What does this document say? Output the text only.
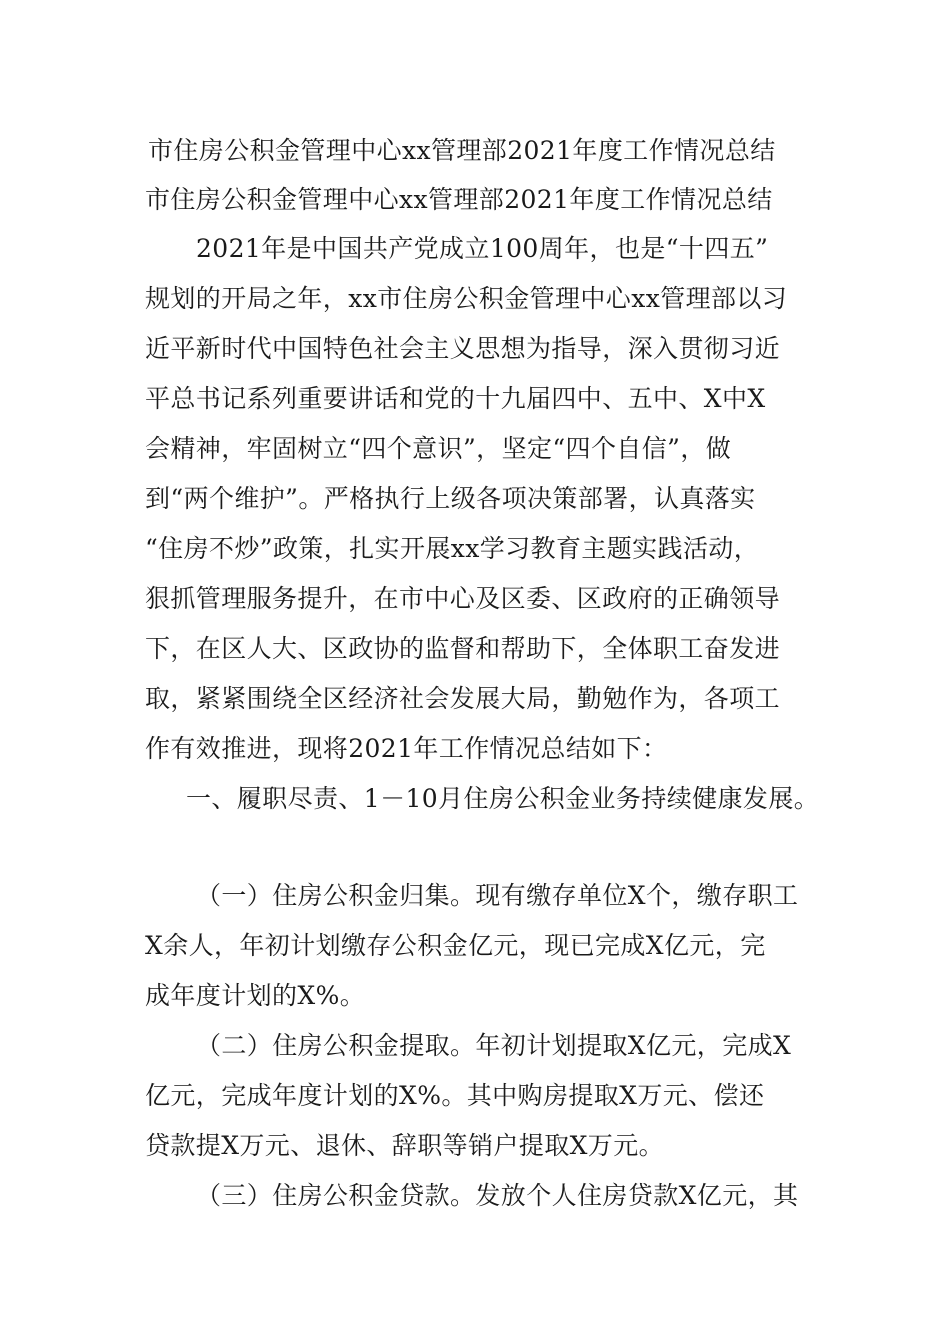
市住房公积金管理中心xx管理部2021年度工作情况总结
市住房公积金管理中心xx管理部2021年度工作情况总结
2021年是中国共产党成立100周年，也是“十四五”
规划的开局之年，xx市住房公积金管理中心xx管理部以习
近平新时代中国特色社会主义思想为指导，深入贯彻习近
平总书记系列重要讲话和党的十九届四中、五中、X中X
会精神，牢固树立“四个意识”，坚定“四个自信”，做
到“两个维护”。严格执行上级各项决策部署，认真落实
“住房不炒”政策，扎实开展xx学习教育主题实践活动，
狠抓管理服务提升，在市中心及区委、区政府的正确领导
下，在区人大、区政协的监督和帮助下，全体职工奋发进
取，紧紧围绕全区经济社会发展大局，勤勉作为，各项工
作有效推进，现将2021年工作情况总结如下：
一、履职尽责、1－10月住房公积金业务持续健康发展。
（一）住房公积金归集。现有缴存单位X个，缴存职工
X余人，年初计划缴存公积金亿元，现已完成X亿元，完
成年度计划的X%。
（二）住房公积金提取。年初计划提取X亿元，完成X
亿元，完成年度计划的X%。其中购房提取X万元、偿还
贷款提X万元、退休、辞职等销户提取X万元。
（三）住房公积金贷款。发放个人住房贷款X亿元，其
